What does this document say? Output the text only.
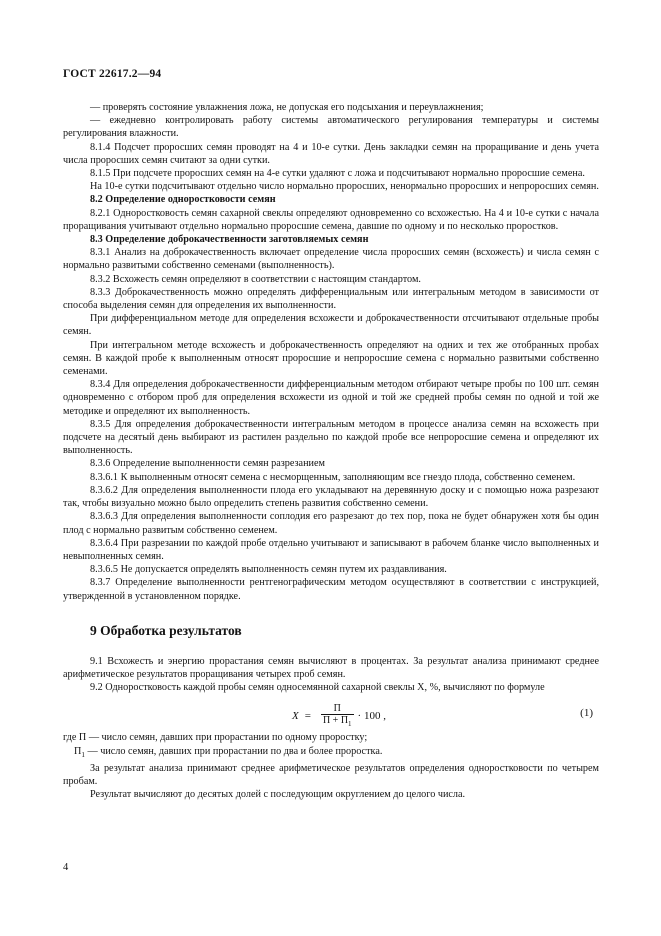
ГОСТ 22617.2—94

— проверять состояние увлажнения ложа, не допуская его подсыхания и переувлажнения;

— ежедневно контролировать работу системы автоматического регулирования температуры и системы регулирования влажности.

8.1.4 Подсчет проросших семян проводят на 4 и 10-е сутки. День закладки семян на проращивание и день учета числа проросших семян считают за одни сутки.

8.1.5 При подсчете проросших семян на 4-е сутки удаляют с ложа и подсчитывают нормально проросшие семена.

На 10-е сутки подсчитывают отдельно число нормально проросших, ненормально проросших и непроросших семян.

8.2 Определение одноростковости семян

8.2.1 Одноростковость семян сахарной свеклы определяют одновременно со всхожестью. На 4 и 10-е сутки с начала проращивания учитывают отдельно нормально проросшие семена, давшие по одному и по несколько проростков.

8.3 Определение доброкачественности заготовляемых семян

8.3.1 Анализ на доброкачественность включает определение числа проросших семян (всхожесть) и числа семян с нормально развитыми собственно семенами (выполненность).

8.3.2 Всхожесть семян определяют в соответствии с настоящим стандартом.

8.3.3 Доброкачественность можно определять дифференциальным или интегральным методом в зависимости от способа выделения семян для определения их выполненности.

При дифференциальном методе для определения всхожести и доброкачественности отсчитывают отдельные пробы семян.

При интегральном методе всхожесть и доброкачественность определяют на одних и тех же отобранных пробах семян. В каждой пробе к выполненным относят проросшие и непроросшие семена с нормально развитыми собственно семенами.

8.3.4 Для определения доброкачественности дифференциальным методом отбирают четыре пробы по 100 шт. семян одновременно с отбором проб для определения всхожести из одной и той же средней пробы семян по одной и той же методике и определяют их выполненность.

8.3.5 Для определения доброкачественности интегральным методом в процессе анализа семян на всхожесть при подсчете на десятый день выбирают из растилен раздельно по каждой пробе все непроросшие семена и определяют их выполненность.

8.3.6 Определение выполненности семян разрезанием

8.3.6.1 К выполненным относят семена с несморщенным, заполняющим все гнездо плода, собственно семенем.

8.3.6.2 Для определения выполненности плода его укладывают на деревянную доску и с помощью ножа разрезают так, чтобы визуально можно было определить степень развития собственно семени.

8.3.6.3 Для определения выполненности соплодия его разрезают до тех пор, пока не будет обнаружен хотя бы один плод с нормально развитым собственно семенем.

8.3.6.4 При разрезании по каждой пробе отдельно учитывают и записывают в рабочем бланке число выполненных и невыполненных семян.

8.3.6.5 Не допускается определять выполненность семян путем их раздавливания.

8.3.7 Определение выполненности рентгенографическим методом осуществляют в соответствии с инструкцией, утвержденной в установленном порядке.

9 Обработка результатов

9.1 Всхожесть и энергию прорастания семян вычисляют в процентах. За результат анализа принимают среднее арифметическое результатов проращивания четырех проб семян.

9.2 Одноростковость каждой пробы семян односемянной сахарной свеклы X, %, вычисляют по формуле

$X = \frac{П}{П + П_1} \cdot 100$ ,	(1)

где П — число семян, давших при прорастании по одному проростку;

$П_1$ — число семян, давших при прорастании по два и более проростка.

За результат анализа принимают среднее арифметическое результатов определения одноростковости по четырем пробам.

Результат вычисляют до десятых долей с последующим округлением до целого числа.

4
